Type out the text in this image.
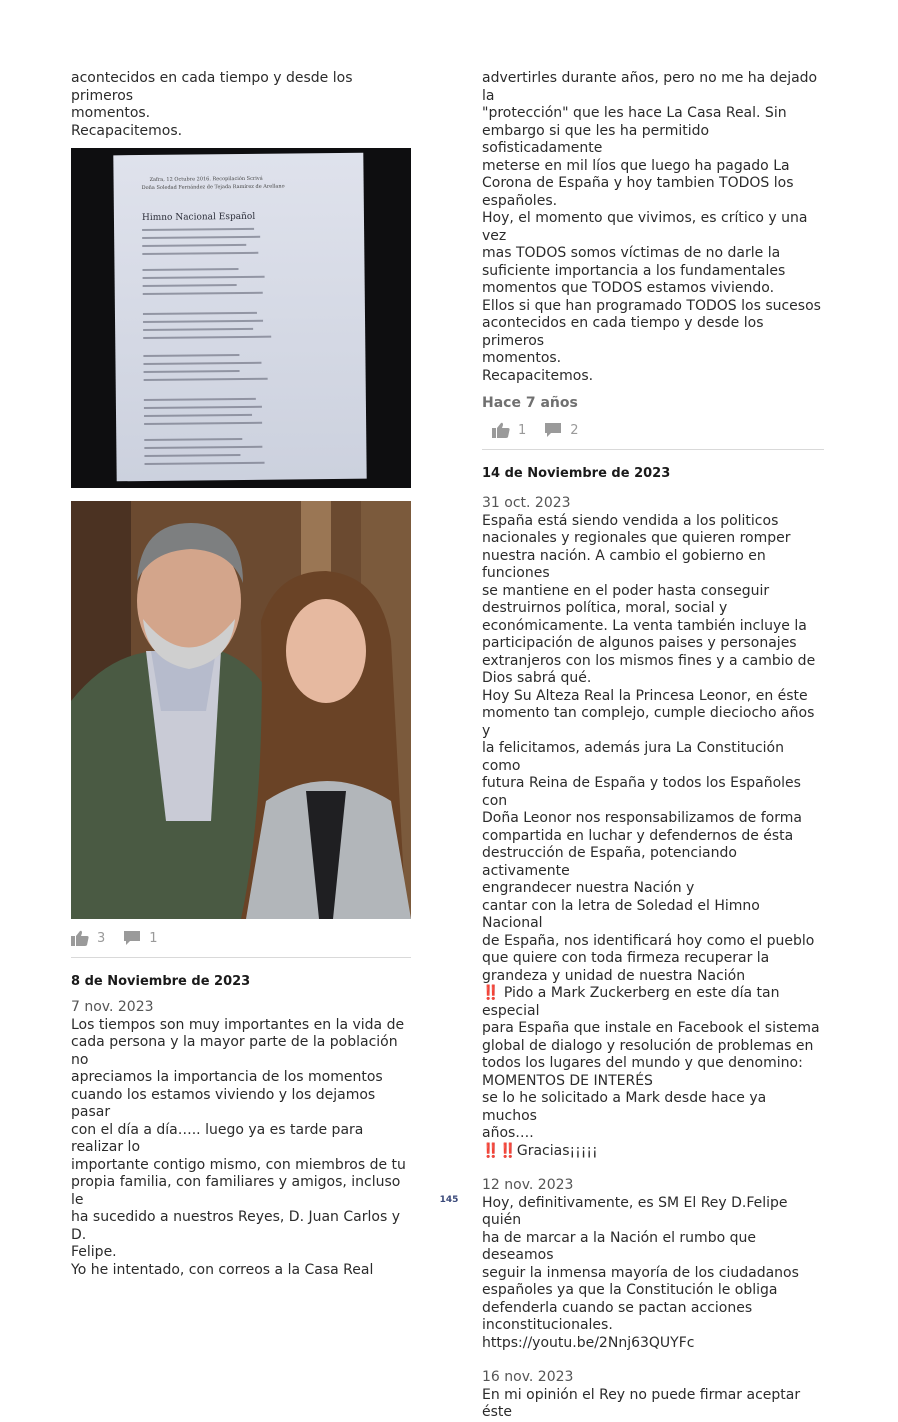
acontecidos en cada tiempo y desde los primeros
momentos.
Recapacitemos.

Zafra, 12 Octubre 2016. Recopilación Scrivá
Doña Soledad Fernández de Tejada Ramírez de Arellano
Himno Nacional Español
3	1
8 de Noviembre de 2023

7 nov. 2023

Los tiempos son muy importantes en la vida de
cada persona y la mayor parte de la población no
apreciamos la importancia de los momentos
cuando los estamos viviendo y los dejamos pasar
con el día a día….. luego ya es tarde para realizar lo
importante contigo mismo, con miembros de tu
propia familia, con familiares y amigos, incluso le
ha sucedido a nuestros Reyes, D. Juan Carlos y D.
Felipe.
Yo he intentado, con correos a la Casa Real

advertirles durante años, pero no me ha dejado la
"protección" que les hace La Casa Real. Sin
embargo si que les ha permitido sofisticadamente
meterse en mil líos que luego ha pagado La
Corona de España y hoy tambien TODOS los
españoles.
Hoy, el momento que vivimos, es crítico y una vez
mas TODOS somos víctimas de no darle la
suficiente importancia a los fundamentales
momentos que TODOS estamos viviendo.
Ellos si que han programado TODOS los sucesos
acontecidos en cada tiempo y desde los primeros
momentos.
Recapacitemos.

Hace 7 años
1	2
14 de Noviembre de 2023

31 oct. 2023

España está siendo vendida a los politicos
nacionales y regionales que quieren romper
nuestra nación. A cambio el gobierno en funciones
se mantiene en el poder hasta conseguir
destruirnos política, moral, social y
económicamente. La venta también incluye la
participación de algunos paises y personajes
extranjeros con los mismos fines y a cambio de
Dios sabrá qué.
Hoy Su Alteza Real la Princesa Leonor, en éste
momento tan complejo, cumple dieciocho años y
la felicitamos, además jura La Constitución como
futura Reina de España y todos los Españoles con
Doña Leonor nos responsabilizamos de forma
compartida en luchar y defendernos de ésta
destrucción de España, potenciando activamente
engrandecer nuestra Nación y
cantar con la letra de Soledad el Himno Nacional
de España, nos identificará hoy como el pueblo
que quiere con toda firmeza recuperar la
grandeza y unidad de nuestra Nación
‼️ Pido a Mark Zuckerberg en este día tan especial
para España que instale en Facebook el sistema
global de dialogo y resolución de problemas en
todos los lugares del mundo y que denomino:
MOMENTOS DE INTERÉS
se lo he solicitado a Mark desde hace ya muchos
años….
‼️‼️Gracias¡¡¡¡¡

12 nov. 2023

Hoy, definitivamente, es SM El Rey D.Felipe quién
ha de marcar a la Nación el rumbo que deseamos
seguir la inmensa mayoría de los ciudadanos
españoles ya que la Constitución le obliga
defenderla cuando se pactan acciones
inconstitucionales.
https://youtu.be/2Nnj63QUYFc

16 nov. 2023

En mi opinión el Rey no puede firmar aceptar éste

145
